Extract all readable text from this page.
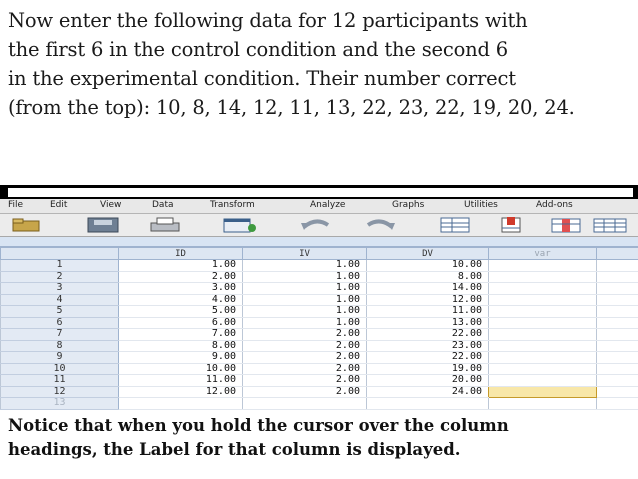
Now enter the following data for 12 participants with
the first 6 in the control condition and the second 6
in the experimental condition. Their number correct
(from the top): 10, 8, 14, 12, 11, 13, 22, 23, 22, 19, 20, 24.

File	Edit	View	Data	Transform	Analyze	Graphs	Utilities	Add-ons
	ID	IV	DV	var	
1	1.00	1.00	10.00		
2	2.00	1.00	8.00		
3	3.00	1.00	14.00		
4	4.00	1.00	12.00		
5	5.00	1.00	11.00		
6	6.00	1.00	13.00		
7	7.00	2.00	22.00		
8	8.00	2.00	23.00		
9	9.00	2.00	22.00		
10	10.00	2.00	19.00		
11	11.00	2.00	20.00		
12	12.00	2.00	24.00		
13					

Notice that when you hold the cursor over the column
headings, the Label for that column is displayed.
